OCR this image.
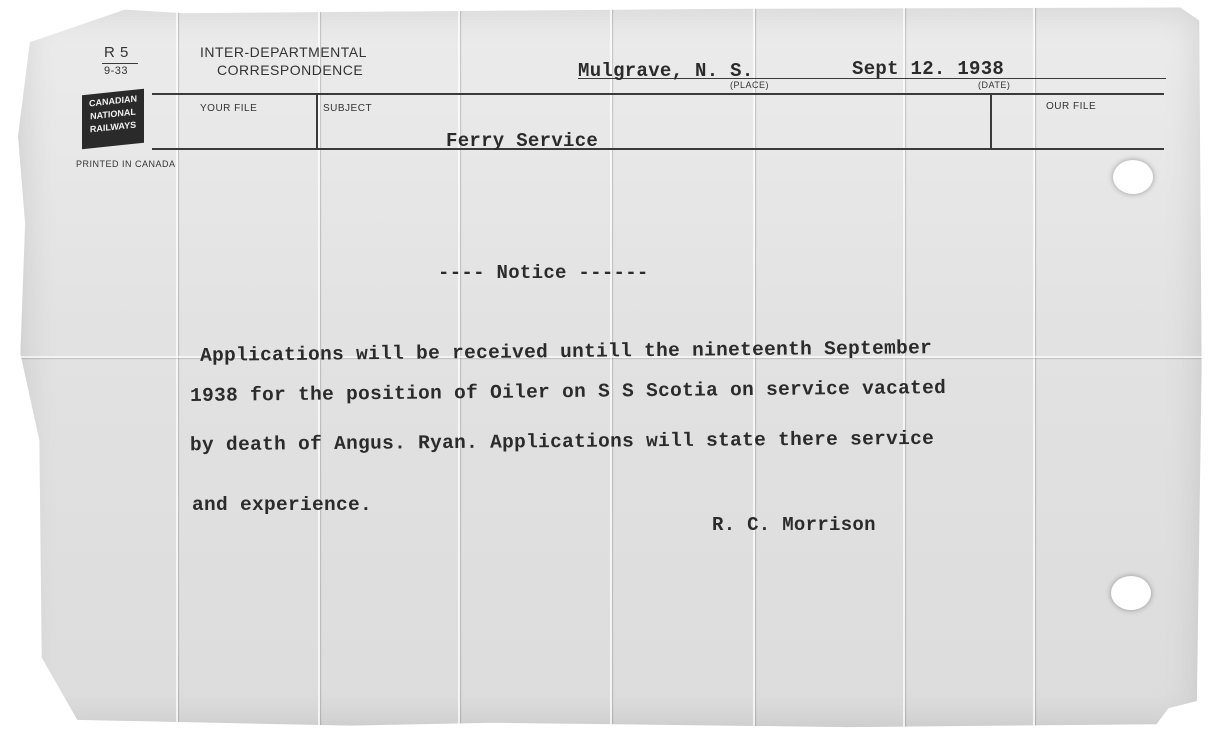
R 5
9-33
INTER-DEPARTMENTAL
CORRESPONDENCE
CANADIAN
NATIONAL
RAILWAYS
PRINTED IN CANADA
Mulgrave, N. S.	Sept 12. 1938
(PLACE)	(DATE)
YOUR FILE	SUBJECT	OUR FILE
Ferry Service
---- Notice ------
Applications will be received untill the nineteenth September
1938 for the position of Oiler on S S Scotia on service vacated
by death of Angus. Ryan. Applications will state there service
and experience.
R. C. Morrison
